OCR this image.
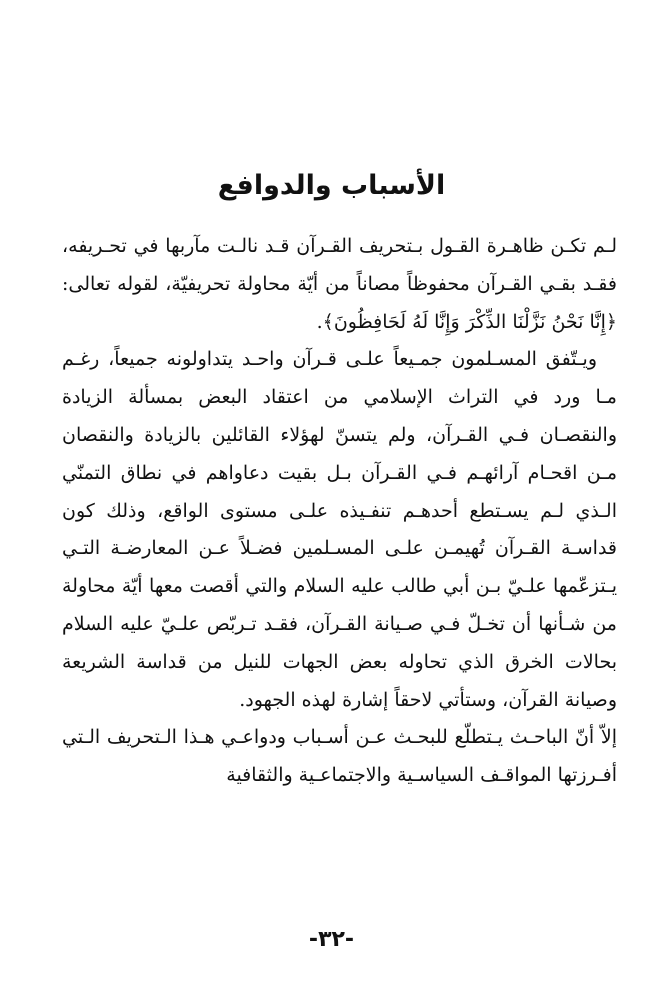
الأسباب والدوافع

لـم تكـن ظاهـرة القـول بـتحريف القـرآن قـد نالـت مآربها في تحـريفه، فقـد بقـي القـرآن محفوظاً مصاناً من أيّة محاولة تحريفيّة، لقوله تعالى: ﴿إِنَّا نَحْنُ نَزَّلْنَا الذِّكْرَ وَإِنَّا لَهُ لَحَافِظُونَ﴾.

ويـتّفق المسـلمون جمـيعاً علـى قـرآن واحـد يتداولونه جميعاً، رغـم مـا ورد في التراث الإسلامي من اعتقاد البعض بمسألة الزيادة والنقصـان فـي القـرآن، ولم يتسنّ لهؤلاء القائلين بالزيادة والنقصان مـن اقحـام آرائهـم فـي القـرآن بـل بقيت دعاواهم في نطاق التمنّي الـذي لـم يسـتطع أحدهـم تنفـيذه علـى مستوى الواقع، وذلك كون قداسـة القـرآن تُهيمـن علـى المسـلمين فضـلاً عـن المعارضـة التـي يـتزعّمها علـيّ بـن أبي طالب عليه السلام والتي أقصت معها أيّة محاولة من شـأنها أن تخـلّ فـي صـيانة القـرآن، فقـد تـربّص علـيّ عليه السلام بحالات الخرق الذي تحاوله بعض الجهات للنيل من قداسة الشريعة وصيانة القرآن، وستأتي لاحقاً إشارة لهذه الجهود.

إلاّ أنّ الباحـث يـتطلّع للبحـث عـن أسـباب ودواعـي هـذا الـتحريف الـتي أفـرزتها المواقـف السياسـية والاجتماعـية والثقافية

-٣٢-
